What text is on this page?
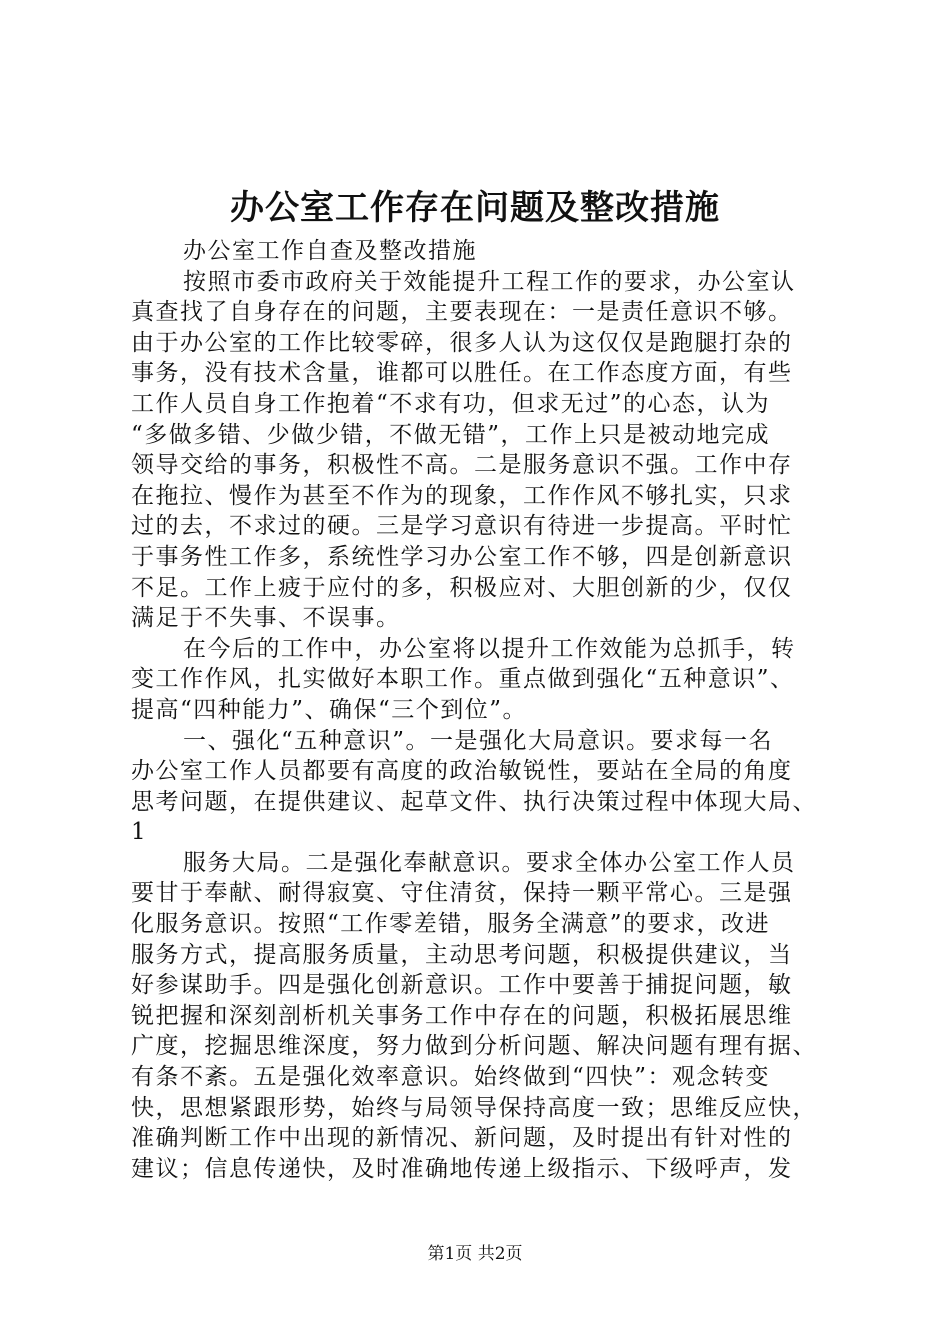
办公室工作存在问题及整改措施
办公室工作自查及整改措施
按照市委市政府关于效能提升工程工作的要求，办公室认
真查找了自身存在的问题，主要表现在：一是责任意识不够。
由于办公室的工作比较零碎，很多人认为这仅仅是跑腿打杂的
事务，没有技术含量，谁都可以胜任。在工作态度方面，有些
工作人员自身工作抱着“不求有功，但求无过”的心态，认为
“多做多错、少做少错，不做无错”，工作上只是被动地完成
领导交给的事务，积极性不高。二是服务意识不强。工作中存
在拖拉、慢作为甚至不作为的现象，工作作风不够扎实，只求
过的去，不求过的硬。三是学习意识有待进一步提高。平时忙
于事务性工作多，系统性学习办公室工作不够，四是创新意识
不足。工作上疲于应付的多，积极应对、大胆创新的少，仅仅
满足于不失事、不误事。
在今后的工作中，办公室将以提升工作效能为总抓手，转
变工作作风，扎实做好本职工作。重点做到强化“五种意识”、
提高“四种能力”、确保“三个到位”。
一、强化“五种意识”。一是强化大局意识。要求每一名
办公室工作人员都要有高度的政治敏锐性，要站在全局的角度
思考问题，在提供建议、起草文件、执行决策过程中体现大局、
1
服务大局。二是强化奉献意识。要求全体办公室工作人员
要甘于奉献、耐得寂寞、守住清贫，保持一颗平常心。三是强
化服务意识。按照“工作零差错，服务全满意”的要求，改进
服务方式，提高服务质量，主动思考问题，积极提供建议，当
好参谋助手。四是强化创新意识。工作中要善于捕捉问题，敏
锐把握和深刻剖析机关事务工作中存在的问题，积极拓展思维
广度，挖掘思维深度，努力做到分析问题、解决问题有理有据、
有条不紊。五是强化效率意识。始终做到“四快”：观念转变
快，思想紧跟形势，始终与局领导保持高度一致；思维反应快，
准确判断工作中出现的新情况、新问题，及时提出有针对性的
建议；信息传递快，及时准确地传递上级指示、下级呼声，发
第1页 共2页
